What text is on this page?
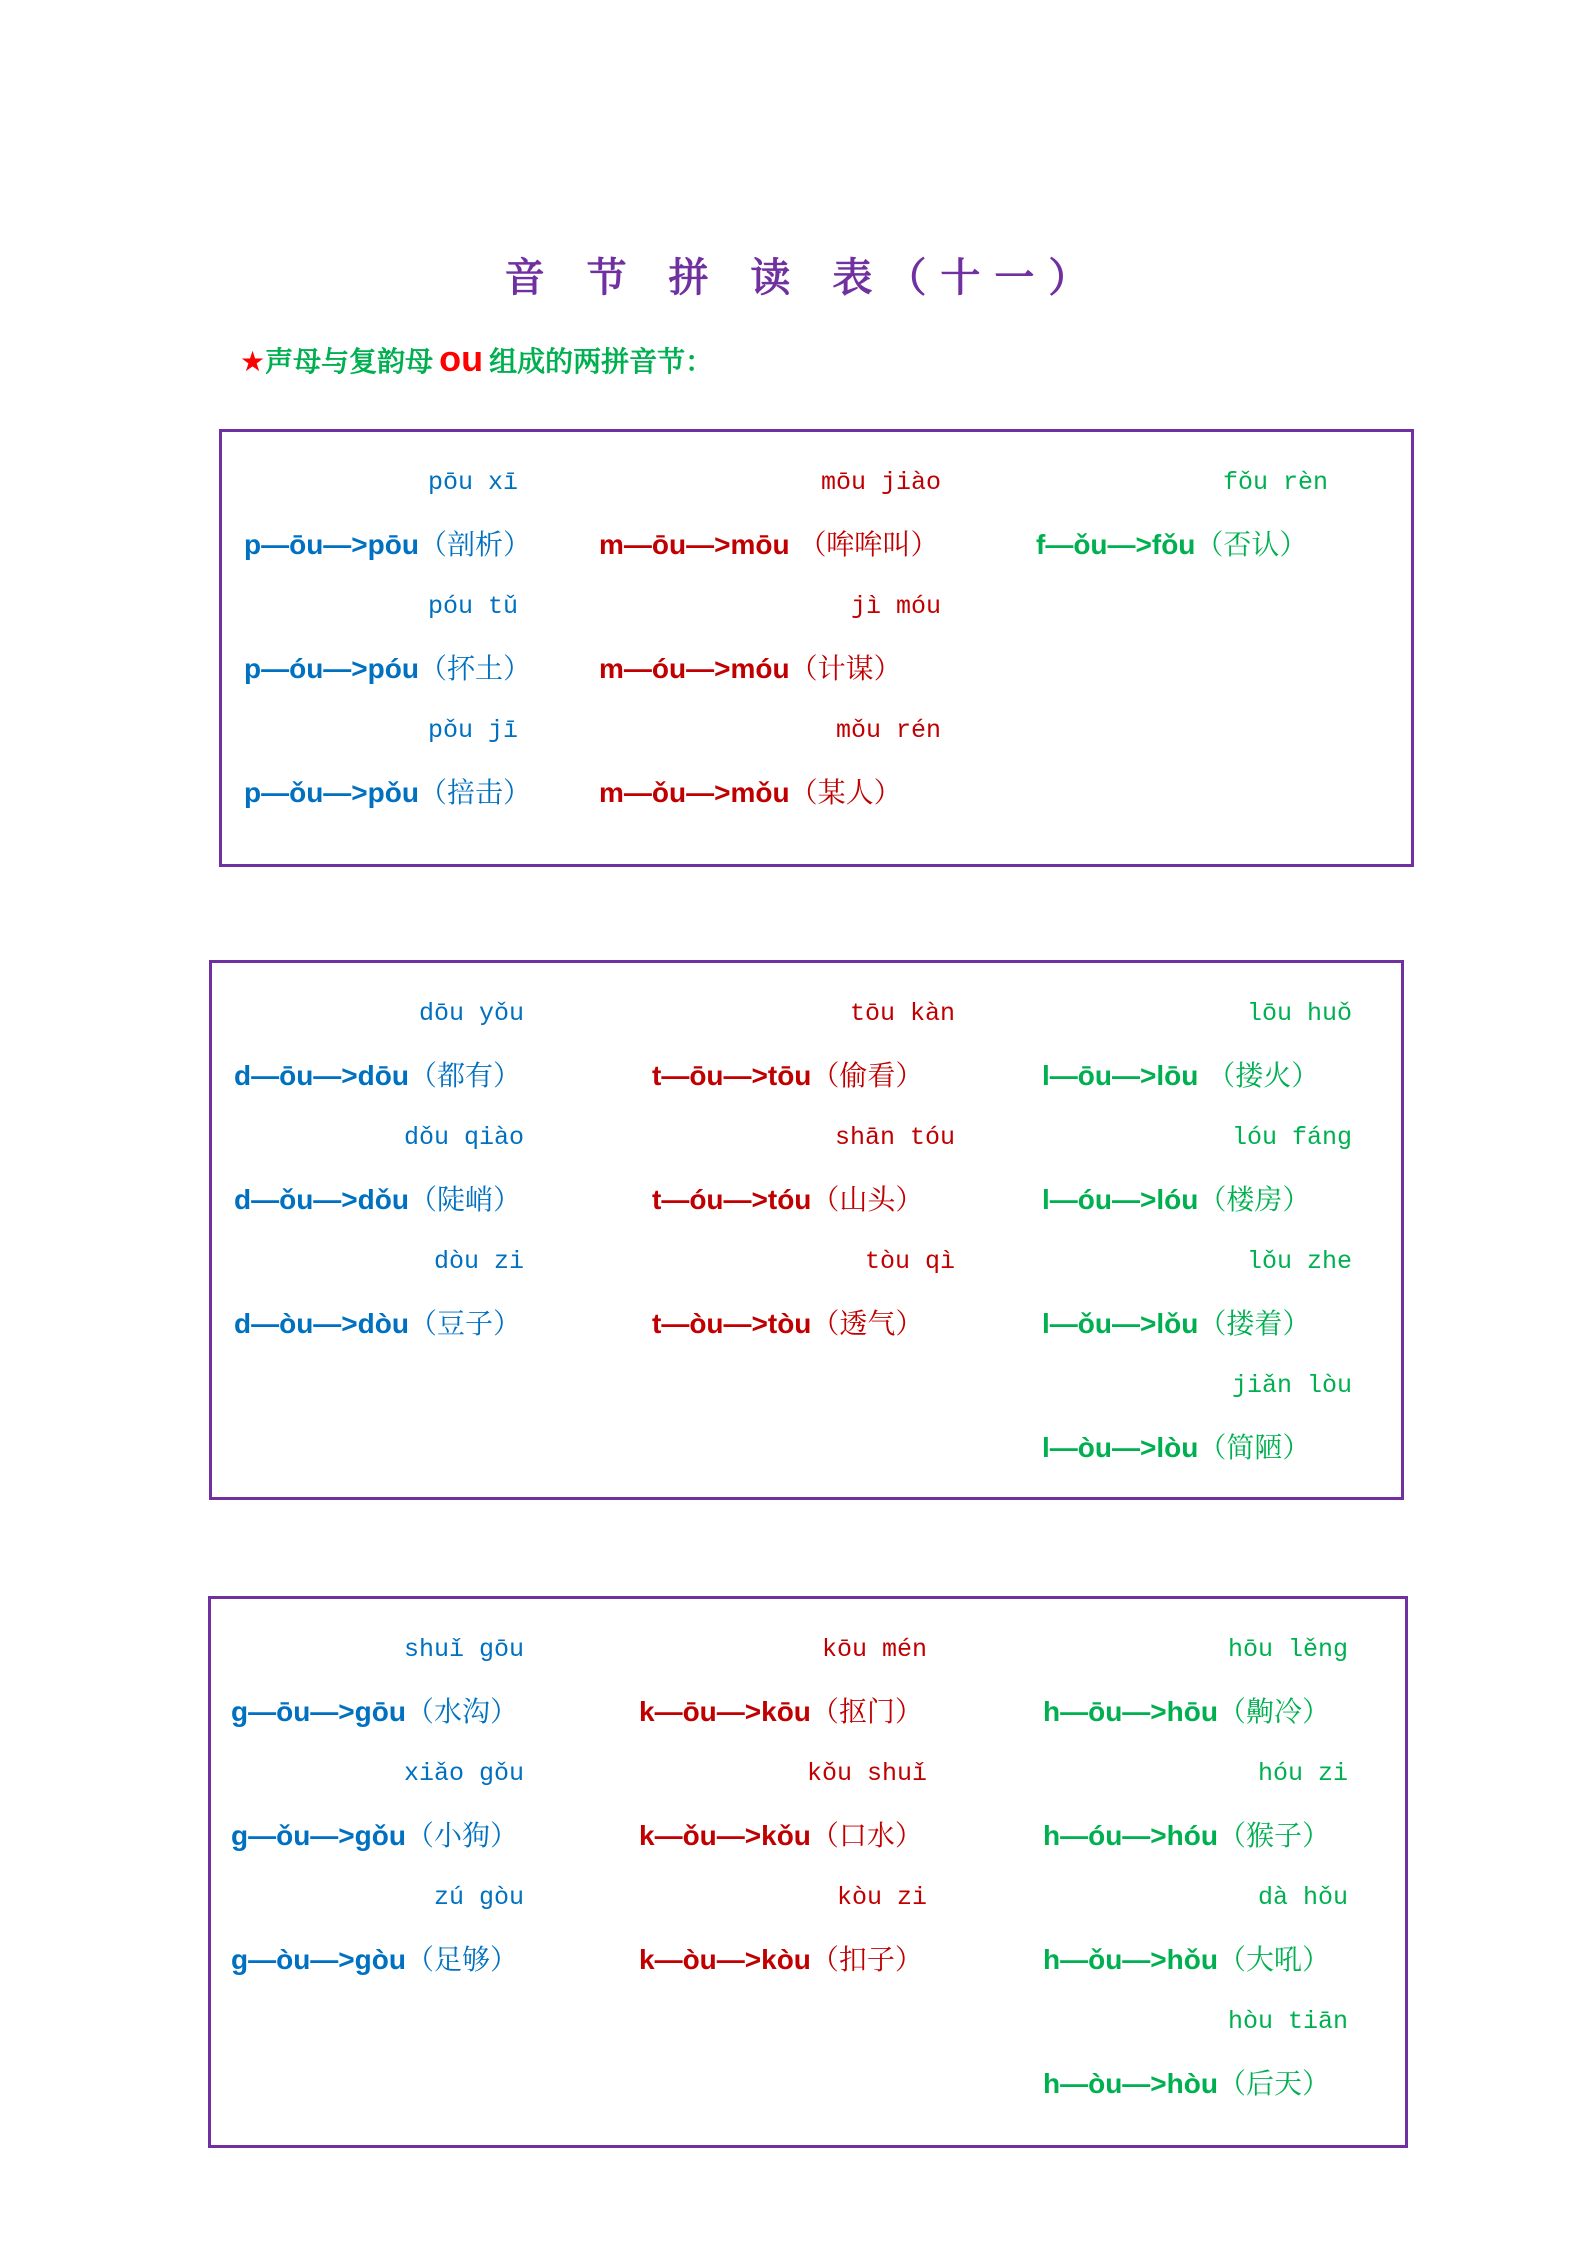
音 节 拼 读 表（十一）
★声母与复韵母 ou 组成的两拼音节：
pōu xī
p—ōu—>pōu（剖析）
póu tǔ
p—óu—>póu（抔土）
pǒu jī
p—ǒu—>pǒu（掊击）
mōu jiào
m—ōu—>mōu （哞哞叫）
jì móu
m—óu—>móu（计谋）
mǒu rén
m—ǒu—>mǒu（某人）
fǒu rèn
f—ǒu—>fǒu（否认）
dōu yǒu
d—ōu—>dōu（都有）
dǒu qiào
d—ǒu—>dǒu（陡峭）
dòu zi
d—òu—>dòu（豆子）
tōu kàn
t—ōu—>tōu（偷看）
shān tóu
t—óu—>tóu（山头）
tòu qì
t—òu—>tòu（透气）
lōu huǒ
l—ōu—>lōu （搂火）
lóu fáng
l—óu—>lóu（楼房）
lǒu zhe
l—ǒu—>lǒu（搂着）
jiǎn lòu
l—òu—>lòu（简陋）
shuǐ gōu
g—ōu—>gōu（水沟）
xiǎo gǒu
g—ǒu—>gǒu（小狗）
zú gòu
g—òu—>gòu（足够）
kōu mén
k—ōu—>kōu（抠门）
kǒu shuǐ
k—ǒu—>kǒu（口水）
kòu zi
k—òu—>kòu（扣子）
hōu lěng
h—ōu—>hōu（齁冷）
hóu zi
h—óu—>hóu（猴子）
dà hǒu
h—ǒu—>hǒu（大吼）
hòu tiān
h—òu—>hòu（后天）
